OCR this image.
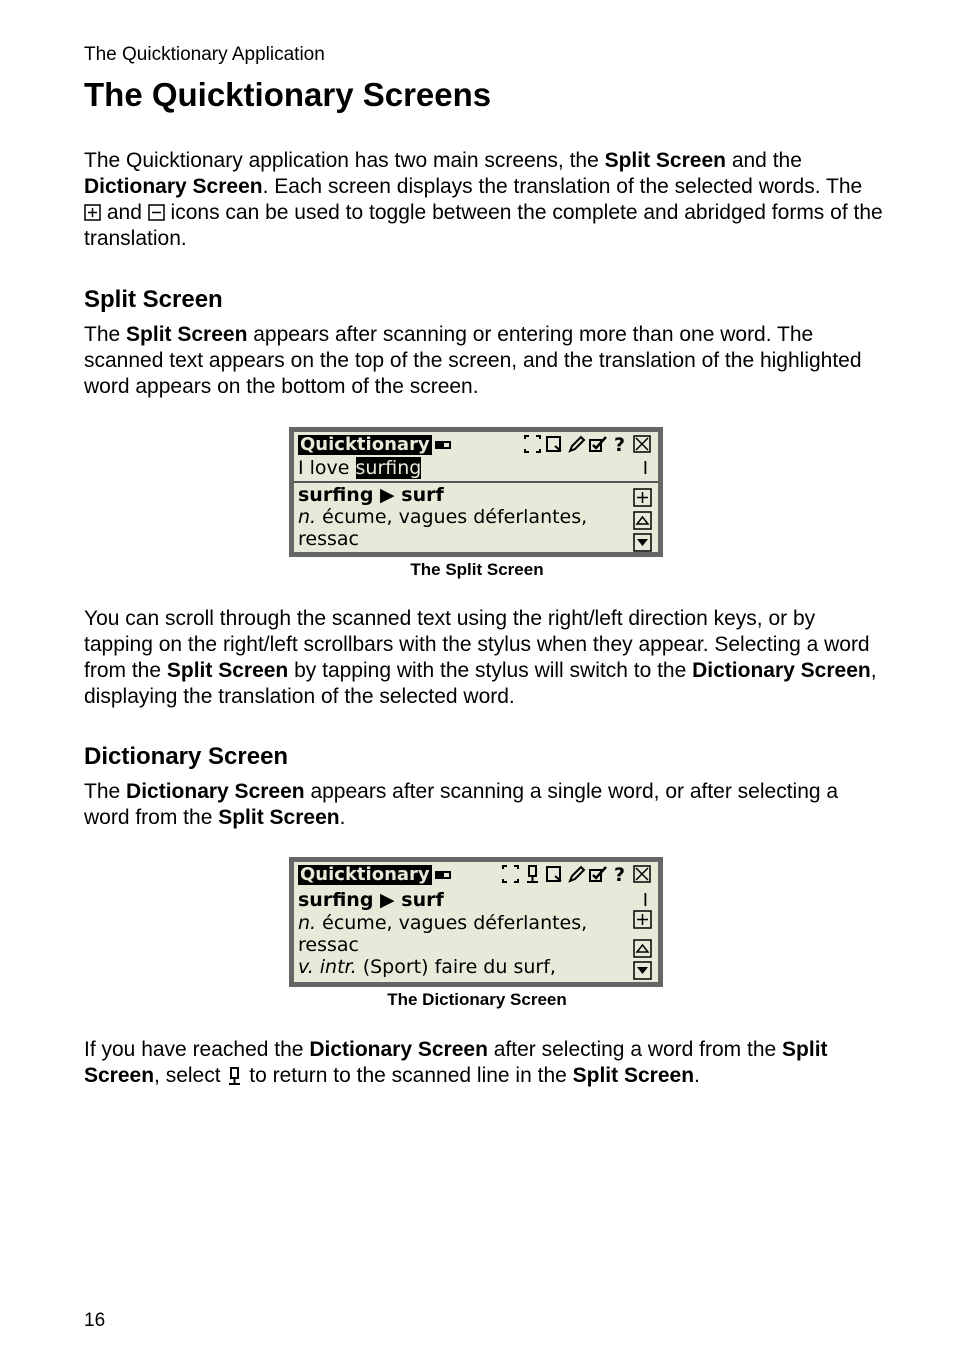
The Quicktionary Application
The Quicktionary Screens
The Quicktionary application has two main screens, the Split Screen and the Dictionary Screen. Each screen displays the translation of the selected words. The
and
icons can be used to toggle between the complete and abridged forms of the translation.
Split Screen
The Split Screen appears after scanning or entering more than one word. The scanned text appears on the top of the screen, and the translation of the highlighted word appears on the bottom of the screen.
Quicktionary	?
I love surfing	I
surfing ▶ surf
n. écume, vagues déferlantes,
ressac
The Split Screen
You can scroll through the scanned text using the right/left direction keys, or by tapping on the right/left scrollbars with the stylus when they appear. Selecting a word from the Split Screen by tapping with the stylus will switch to the Dictionary Screen, displaying the translation of the selected word.
Dictionary Screen
The Dictionary Screen appears after scanning a single word, or after selecting a word from the Split Screen.
Quicktionary	?
surfing ▶ surf	I
n. écume, vagues déferlantes,
ressac
v. intr. (Sport) faire du surf,
The Dictionary Screen
If you have reached the Dictionary Screen after selecting a word from the Split Screen, select
to return to the scanned line in the Split Screen.
16
